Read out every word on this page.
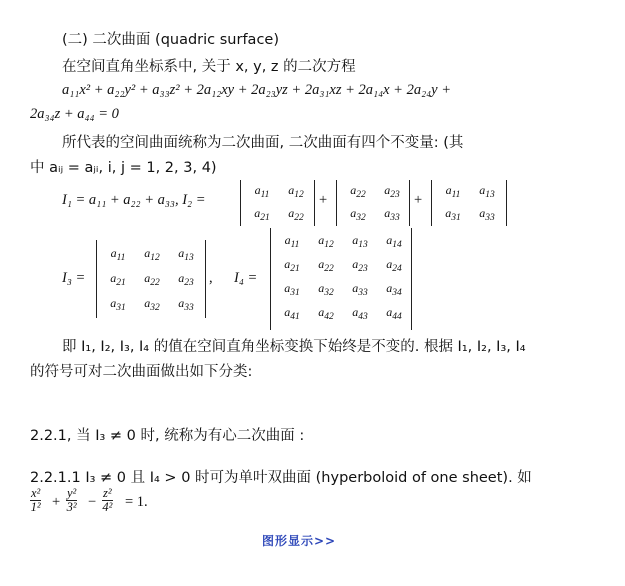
(二) 二次曲面 (quadric surface)
在空间直角坐标系中, 关于 x, y, z 的二次方程
a₁₁x² + a₂₂y² + a₃₃z² + 2a₁₂xy + 2a₂₃yz + 2a₃₁xz + 2a₁₄x + 2a₂₄y +
2a₃₄z + a₄₄ = 0
所代表的空间曲面统称为二次曲面, 二次曲面有四个不变量: (其
中 aᵢⱼ = aⱼᵢ, i, j = 1, 2, 3, 4)
I₁ = a₁₁ + a₂₂ + a₃₃, I₂ =
$a_{11}$	$a_{12}$
$a_{21}$	$a_{22}$
+
$a_{22}$	$a_{23}$
$a_{32}$	$a_{33}$
+
$a_{11}$	$a_{13}$
$a_{31}$	$a_{33}$
I₃ =
$a_{11}$	$a_{12}$	$a_{13}$
$a_{21}$	$a_{22}$	$a_{23}$
$a_{31}$	$a_{32}$	$a_{33}$
, I₄ =
$a_{11}$	$a_{12}$	$a_{13}$	$a_{14}$
$a_{21}$	$a_{22}$	$a_{23}$	$a_{24}$
$a_{31}$	$a_{32}$	$a_{33}$	$a_{34}$
$a_{41}$	$a_{42}$	$a_{43}$	$a_{44}$
即 I₁, I₂, I₃, I₄ 的值在空间直角坐标变换下始终是不变的. 根据 I₁, I₂, I₃, I₄
的符号可对二次曲面做出如下分类:
2.2.1, 当 I₃ ≠ 0 时, 统称为有心二次曲面 :
2.2.1.1 I₃ ≠ 0 且 I₄ > 0 时可为单叶双曲面 (hyperboloid of one sheet). 如
$\frac{\text{x²}}{\text{1²}} + \frac{\text{y²}}{\text{3²}} - \frac{\text{z²}}{\text{4²}} = 1$.
图形显示>>
